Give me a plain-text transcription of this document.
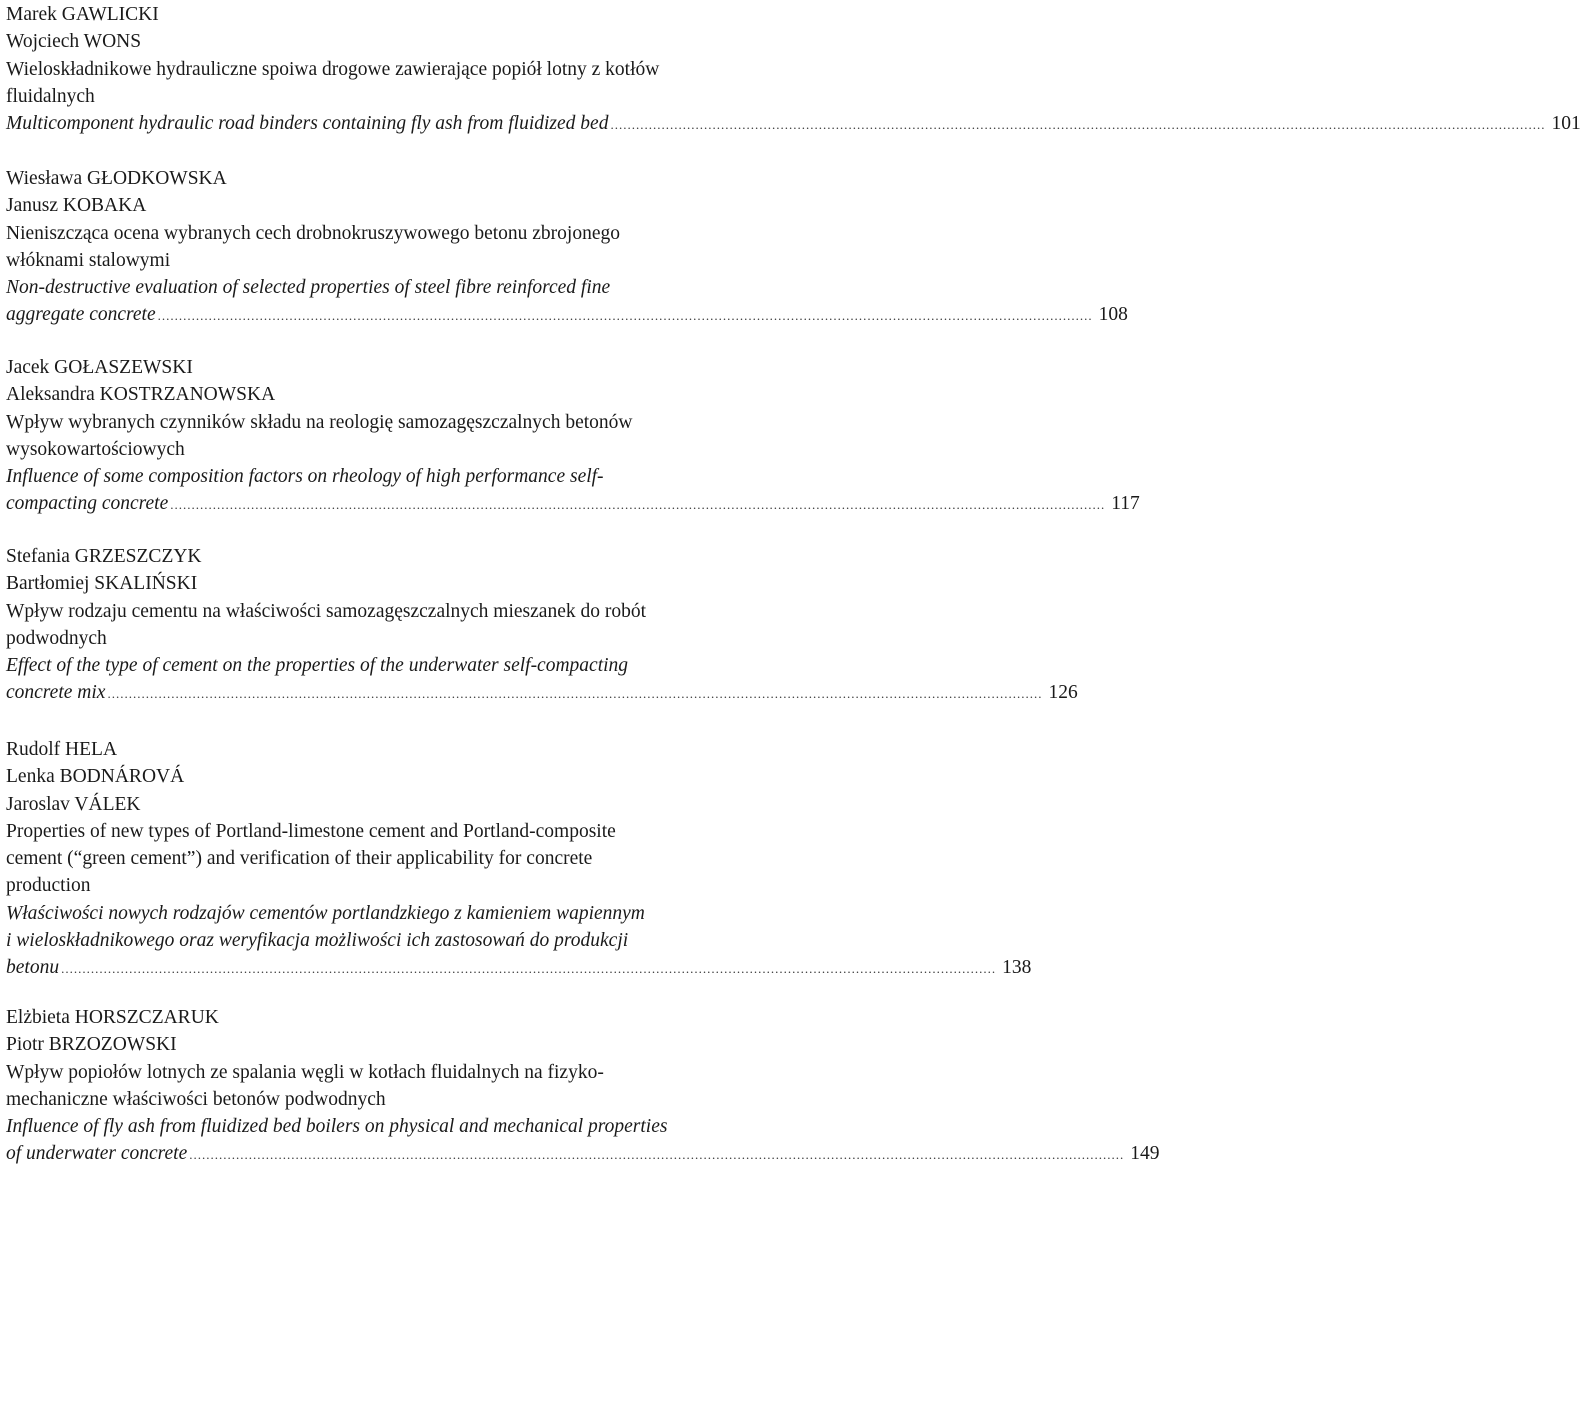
Marek GAWLICKI
Wojciech WONS
Wieloskładnikowe hydrauliczne spoiwa drogowe zawierające popiół lotny z kotłów
fluidalnych
Multicomponent hydraulic road binders containing fly ash from fluidized bed ............................................................................................................................................................................................................................ 101
Wiesława GŁODKOWSKA
Janusz KOBAKA
Nieniszcząca ocena wybranych cech drobnokruszywowego betonu zbrojonego
włóknami stalowymi
Non-destructive evaluation of selected properties of steel fibre reinforced fine
aggregate concrete ............................................................................................................................................................................................................................ 108
Jacek GOŁASZEWSKI
Aleksandra KOSTRZANOWSKA
Wpływ wybranych czynników składu na reologię samozagęszczalnych betonów
wysokowartościowych
Influence of some composition factors on rheology of high performance self-
compacting concrete ............................................................................................................................................................................................................................ 117
Stefania GRZESZCZYK
Bartłomiej SKALIŃSKI
Wpływ rodzaju cementu na właściwości samozagęszczalnych mieszanek do robót
podwodnych
Effect of the type of cement on the properties of the underwater self-compacting
concrete mix ............................................................................................................................................................................................................................ 126
Rudolf HELA
Lenka BODNÁROVÁ
Jaroslav VÁLEK
Properties of new types of Portland-limestone cement and Portland-composite
cement (“green cement”) and verification of their applicability for concrete
production
Właściwości nowych rodzajów cementów portlandzkiego z kamieniem wapiennym
i wieloskładnikowego oraz weryfikacja możliwości ich zastosowań do produkcji
betonu ............................................................................................................................................................................................................................ 138
Elżbieta HORSZCZARUK
Piotr BRZOZOWSKI
Wpływ popiołów lotnych ze spalania węgli w kotłach fluidalnych na fizyko-
mechaniczne właściwości betonów podwodnych
Influence of fly ash from fluidized bed boilers on physical and mechanical properties
of underwater concrete ............................................................................................................................................................................................................................ 149
